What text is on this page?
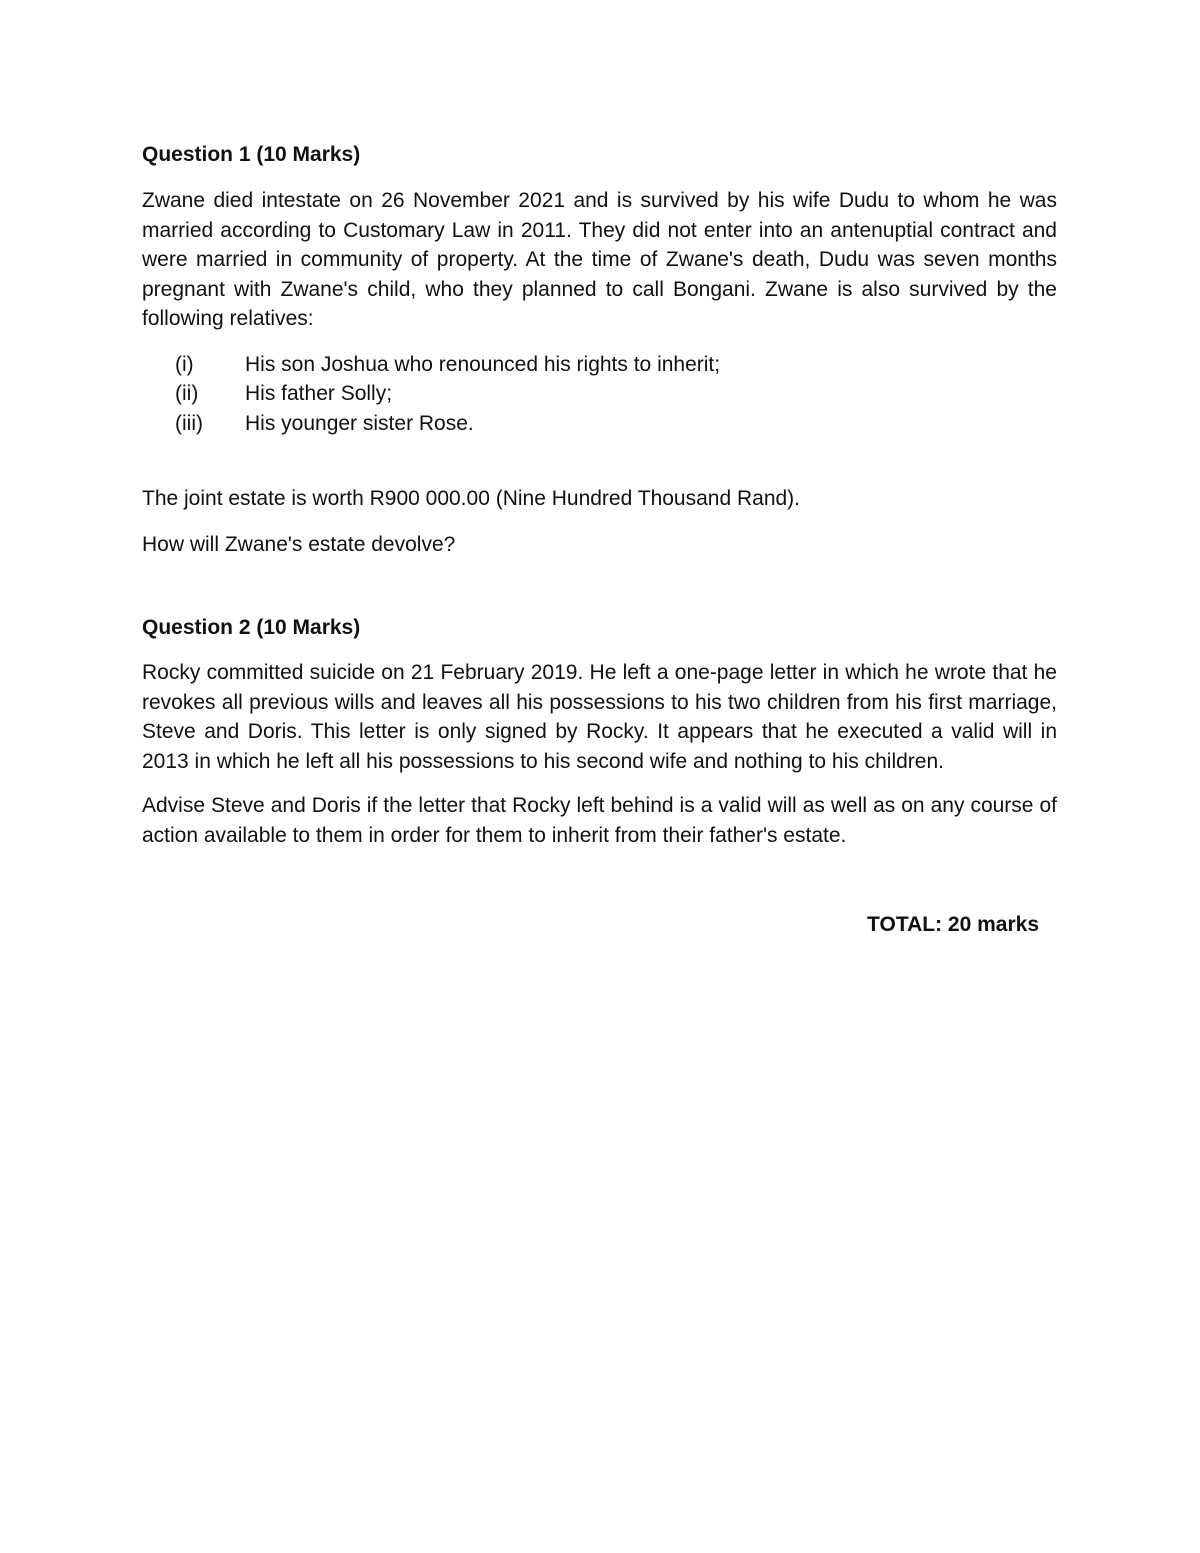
Question 1 (10 Marks)

Zwane died intestate on 26 November 2021 and is survived by his wife Dudu to whom he was married according to Customary Law in 2011. They did not enter into an antenuptial contract and were married in community of property. At the time of Zwane's death, Dudu was seven months pregnant with Zwane's child, who they planned to call Bongani. Zwane is also survived by the following relatives:

(i)	His son Joshua who renounced his rights to inherit;
(ii)	His father Solly;
(iii)	His younger sister Rose.

The joint estate is worth R900 000.00 (Nine Hundred Thousand Rand).

How will Zwane's estate devolve?

Question 2 (10 Marks)

Rocky committed suicide on 21 February 2019. He left a one-page letter in which he wrote that he revokes all previous wills and leaves all his possessions to his two children from his first marriage, Steve and Doris. This letter is only signed by Rocky. It appears that he executed a valid will in 2013 in which he left all his possessions to his second wife and nothing to his children.

Advise Steve and Doris if the letter that Rocky left behind is a valid will as well as on any course of action available to them in order for them to inherit from their father's estate.

TOTAL: 20 marks
